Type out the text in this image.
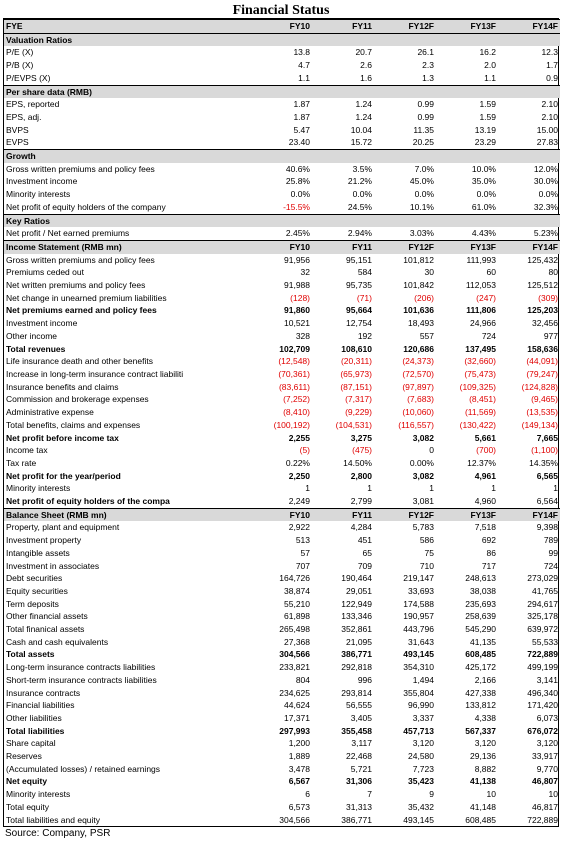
Financial Status
FYE	FY10	FY11	FY12F	FY13F	FY14F
Valuation Ratios					
P/E (X)	13.8	20.7	26.1	16.2	12.3
P/B (X)	4.7	2.6	2.3	2.0	1.7
P/EVPS (X)	1.1	1.6	1.3	1.1	0.9
Per share data (RMB)					
EPS, reported	1.87	1.24	0.99	1.59	2.10
EPS, adj.	1.87	1.24	0.99	1.59	2.10
BVPS	5.47	10.04	11.35	13.19	15.00
EVPS	23.40	15.72	20.25	23.29	27.83
Growth					
Gross written premiums and policy fees	40.6%	3.5%	7.0%	10.0%	12.0%
Investment income	25.8%	21.2%	45.0%	35.0%	30.0%
Minority interests	0.0%	0.0%	0.0%	0.0%	0.0%
Net profit of equity holders of the company	-15.5%	24.5%	10.1%	61.0%	32.3%
Key Ratios					
Net profit / Net earned premiums	2.45%	2.94%	3.03%	4.43%	5.23%
Income Statement (RMB mn)	FY10	FY11	FY12F	FY13F	FY14F
Gross written premiums and policy fees	91,956	95,151	101,812	111,993	125,432
Premiums ceded out	32	584	30	60	80
Net written premiums and policy fees	91,988	95,735	101,842	112,053	125,512
Net change in unearned premium liabilities	(128)	(71)	(206)	(247)	(309)
Net premiums earned and policy fees	91,860	95,664	101,636	111,806	125,203
Investment income	10,521	12,754	18,493	24,966	32,456
Other income	328	192	557	724	977
Total revenues	102,709	108,610	120,686	137,495	158,636
Life insurance death and other benefits	(12,548)	(20,311)	(24,373)	(32,660)	(44,091)
Increase in long-term insurance contract liabiliti	(70,361)	(65,973)	(72,570)	(75,473)	(79,247)
Insurance benefits and claims	(83,611)	(87,151)	(97,897)	(109,325)	(124,828)
Commission and brokerage expenses	(7,252)	(7,317)	(7,683)	(8,451)	(9,465)
Administrative expense	(8,410)	(9,229)	(10,060)	(11,569)	(13,535)
Total benefits, claims and expenses	(100,192)	(104,531)	(116,557)	(130,422)	(149,134)
Net profit before income tax	2,255	3,275	3,082	5,661	7,665
Income tax	(5)	(475)	0	(700)	(1,100)
Tax rate	0.22%	14.50%	0.00%	12.37%	14.35%
Net profit for the year/period	2,250	2,800	3,082	4,961	6,565
Minority interests	1	1	1	1	1
Net profit of equity holders of the compa	2,249	2,799	3,081	4,960	6,564
Balance Sheet (RMB mn)	FY10	FY11	FY12F	FY13F	FY14F
Property, plant and equipment	2,922	4,284	5,783	7,518	9,398
Investment property	513	451	586	692	789
Intangible assets	57	65	75	86	99
Investment in associates	707	709	710	717	724
Debt securities	164,726	190,464	219,147	248,613	273,029
Equity securities	38,874	29,051	33,693	38,038	41,765
Term deposits	55,210	122,949	174,588	235,693	294,617
Other financial assets	61,898	133,346	190,957	258,639	325,178
Total finanical assets	265,498	352,861	443,796	545,290	639,972
Cash and cash equivalents	27,368	21,095	31,643	41,135	55,533
Total assets	304,566	386,771	493,145	608,485	722,889
Long-term insurance contracts liabilities	233,821	292,818	354,310	425,172	499,199
Short-term insurance contracts liabilities	804	996	1,494	2,166	3,141
Insurance contracts	234,625	293,814	355,804	427,338	496,340
Financial liabilities	44,624	56,555	96,990	133,812	171,420
Other liabilities	17,371	3,405	3,337	4,338	6,073
Total liabilities	297,993	355,458	457,713	567,337	676,072
Share capital	1,200	3,117	3,120	3,120	3,120
Reserves	1,889	22,468	24,580	29,136	33,917
(Accumulated losses) / retained earnings	3,478	5,721	7,723	8,882	9,770
Net equity	6,567	31,306	35,423	41,138	46,807
Minority interests	6	7	9	10	10
Total equity	6,573	31,313	35,432	41,148	46,817
Total liabilities and equity	304,566	386,771	493,145	608,485	722,889
Source: Company, PSR
